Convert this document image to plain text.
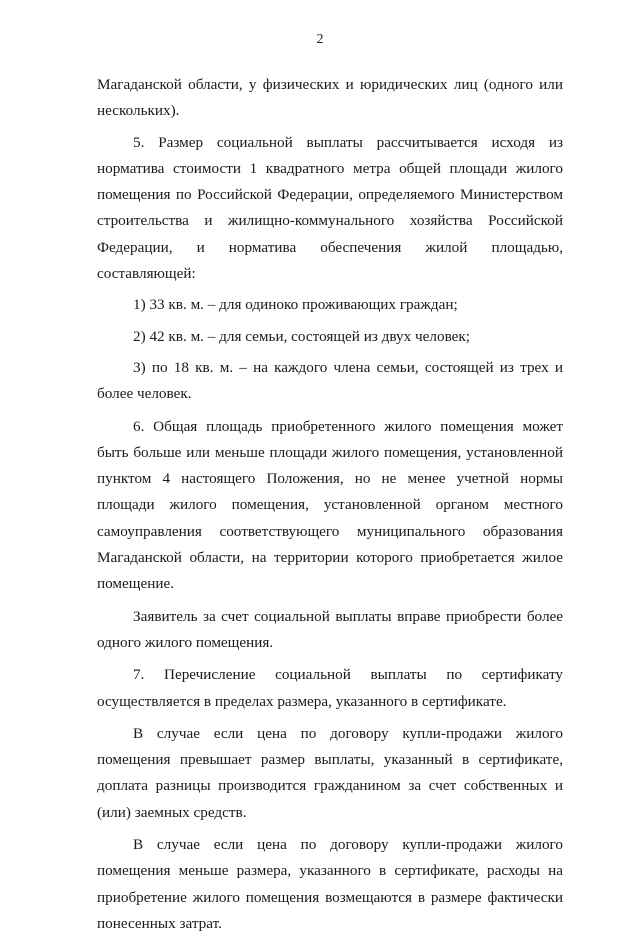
2

Магаданской области, у физических и юридических лиц (одного или нескольких).

5. Размер социальной выплаты рассчитывается исходя из норматива стоимости 1 квадратного метра общей площади жилого помещения по Российской Федерации, определяемого Министерством строительства и жилищно-коммунального хозяйства Российской Федерации, и норматива обеспечения жилой площадью, составляющей:

1) 33 кв. м. – для одиноко проживающих граждан;

2) 42 кв. м. – для семьи, состоящей из двух человек;

3) по 18 кв. м. – на каждого члена семьи, состоящей из трех и более человек.

6. Общая площадь приобретенного жилого помещения может быть больше или меньше площади жилого помещения, установленной пунктом 4 настоящего Положения, но не менее учетной нормы площади жилого помещения, установленной органом местного самоуправления соответствующего муниципального образования Магаданской области, на территории которого приобретается жилое помещение.

Заявитель за счет социальной выплаты вправе приобрести более одного жилого помещения.

7. Перечисление социальной выплаты по сертификату осуществляется в пределах размера, указанного в сертификате.

В случае если цена по договору купли-продажи жилого помещения превышает размер выплаты, указанный в сертификате, доплата разницы производится гражданином за счет собственных и (или) заемных средств.

В случае если цена по договору купли-продажи жилого помещения меньше размера, указанного в сертификате, расходы на приобретение жилого помещения возмещаются в размере фактически понесенных затрат.
